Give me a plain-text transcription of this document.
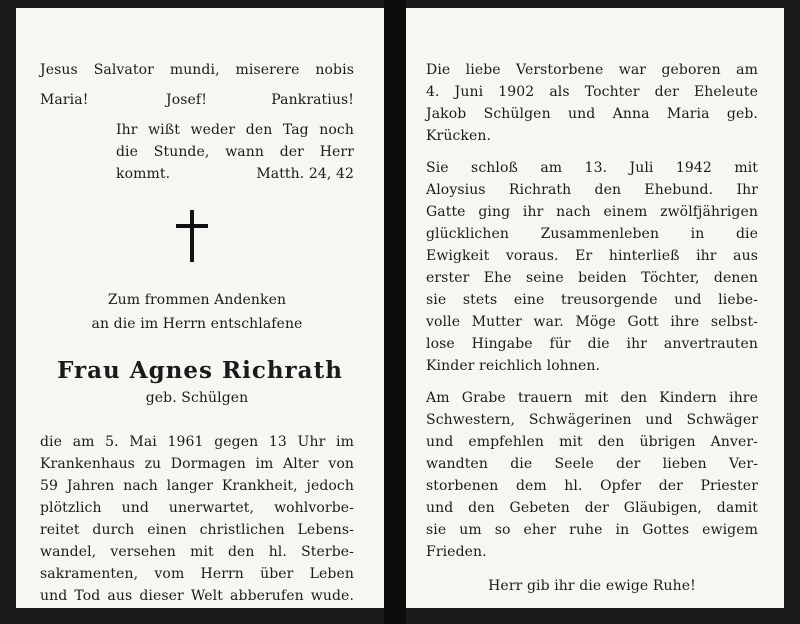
Jesus Salvator mundi, miserere nobis
Maria!	Josef!	Pankratius!
Ihr wißt weder den Tag noch
die Stunde, wann der Herr
kommt.	Matth. 24, 42
Zum frommen Andenken
an die im Herrn entschlafene
Frau Agnes Richrath
geb. Schülgen
die am 5. Mai 1961 gegen 13 Uhr im
Krankenhaus zu Dormagen im Alter von
59 Jahren nach langer Krankheit, jedoch
plötzlich und unerwartet, wohlvorbe-
reitet durch einen christlichen Lebens-
wandel, versehen mit den hl. Sterbe-
sakramenten, vom Herrn über Leben
und Tod aus dieser Welt abberufen wude.
Die liebe Verstorbene war geboren am
4. Juni 1902 als Tochter der Eheleute
Jakob Schülgen und Anna Maria geb.
Krücken.
Sie schloß am 13. Juli 1942 mit
Aloysius Richrath den Ehebund. Ihr
Gatte ging ihr nach einem zwölfjährigen
glücklichen Zusammenleben in die
Ewigkeit voraus. Er hinterließ ihr aus
erster Ehe seine beiden Töchter, denen
sie stets eine treusorgende und liebe-
volle Mutter war. Möge Gott ihre selbst-
lose Hingabe für die ihr anvertrauten
Kinder reichlich lohnen.
Am Grabe trauern mit den Kindern ihre
Schwestern, Schwägerinen und Schwäger
und empfehlen mit den übrigen Anver-
wandten die Seele der lieben Ver-
storbenen dem hl. Opfer der Priester
und den Gebeten der Gläubigen, damit
sie um so eher ruhe in Gottes ewigem
Frieden.
Herr gib ihr die ewige Ruhe!
